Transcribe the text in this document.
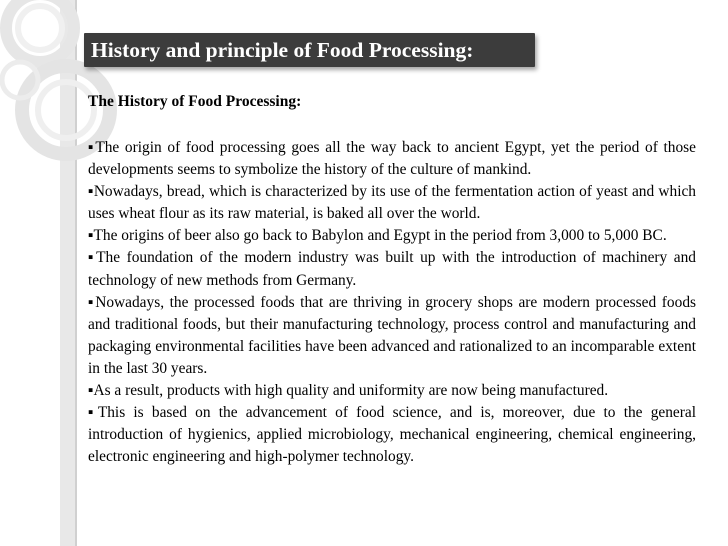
History and principle of Food Processing:
The History of Food Processing:

▪The origin of food processing goes all the way back to ancient Egypt, yet the period of those developments seems to symbolize the history of the culture of mankind.

▪Nowadays, bread, which is characterized by its use of the fermentation action of yeast and which uses wheat flour as its raw material, is baked all over the world.

▪The origins of beer also go back to Babylon and Egypt in the period from 3,000 to 5,000 BC.

▪The foundation of the modern industry was built up with the introduction of machinery and technology of new methods from Germany.

▪Nowadays, the processed foods that are thriving in grocery shops are modern processed foods and traditional foods, but their manufacturing technology, process control and manufacturing and packaging environmental facilities have been advanced and rationalized to an incomparable extent in the last 30 years.

▪As a result, products with high quality and uniformity are now being manufactured.

▪This is based on the advancement of food science, and is, moreover, due to the general introduction of hygienics, applied microbiology, mechanical engineering, chemical engineering, electronic engineering and high-polymer technology.
